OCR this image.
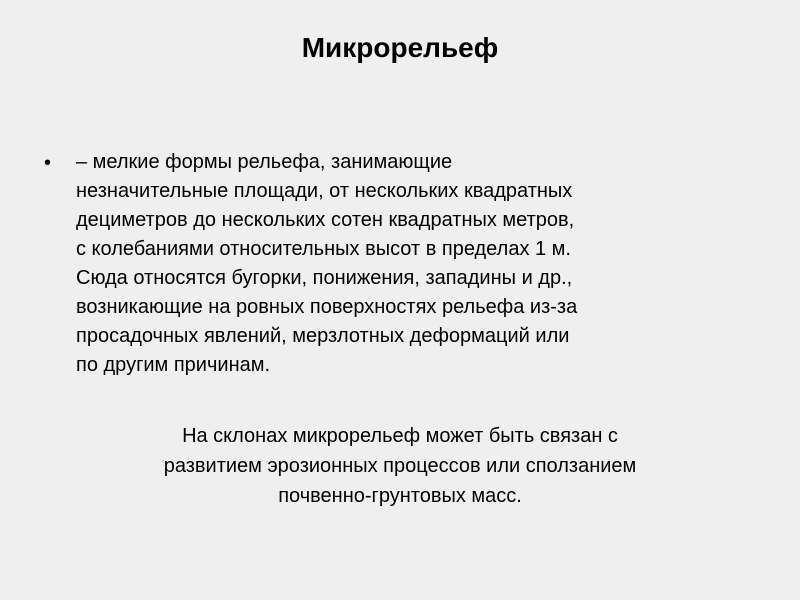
Микрорельеф
• – мелкие формы рельефа, занимающие
незначительные площади, от нескольких квадратных
дециметров до нескольких сотен квадратных метров,
с колебаниями относительных высот в пределах 1 м.
Сюда относятся бугорки, понижения, западины и др.,
возникающие на ровных поверхностях рельефа из-за
просадочных явлений, мерзлотных деформаций или
по другим причинам.

На склонах микрорельеф может быть связан с
развитием эрозионных процессов или сползанием
почвенно-грунтовых масс.
